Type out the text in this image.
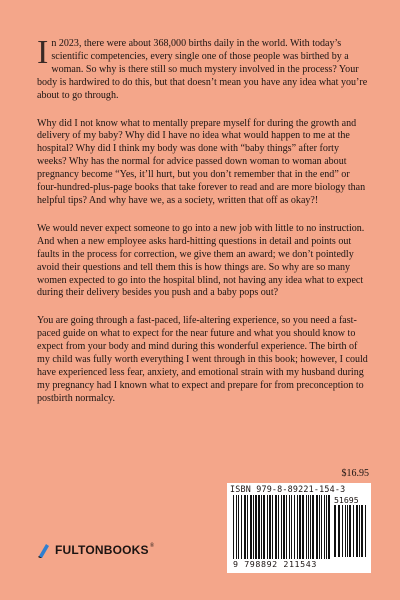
In 2023, there were about 368,000 births daily in the world. With today’s scientific competencies, every single one of those people was birthed by a woman. So why is there still so much mystery involved in the process? Your body is hardwired to do this, but that doesn’t mean you have any idea what you’re about to go through.

Why did I not know what to mentally prepare myself for during the growth and delivery of my baby? Why did I have no idea what would happen to me at the hospital? Why did I think my body was done with “baby things” after forty weeks? Why has the normal for advice passed down woman to woman about pregnancy become “Yes, it’ll hurt, but you don’t remember that in the end” or four-hundred-plus-page books that take forever to read and are more biology than helpful tips? And why have we, as a society, written that off as okay?!

We would never expect someone to go into a new job with little to no instruction. And when a new employee asks hard-hitting questions in detail and points out faults in the process for correction, we give them an award; we don’t pointedly avoid their questions and tell them this is how things are. So why are so many women expected to go into the hospital blind, not having any idea what to expect during their delivery besides you push and a baby pops out?

You are going through a fast-paced, life-altering experience, so you need a fast-paced guide on what to expect for the near future and what you should know to expect from your body and mind during this wonderful experience. The birth of my child was fully worth everything I went through in this book; however, I could have experienced less fear, anxiety, and emotional strain with my husband during my pregnancy had I known what to expect and prepare for from preconception to postbirth normalcy.

$16.95
ISBN 979-8-89221-154-3
51695
9 798892 211543
FULTONBOOKS ®
